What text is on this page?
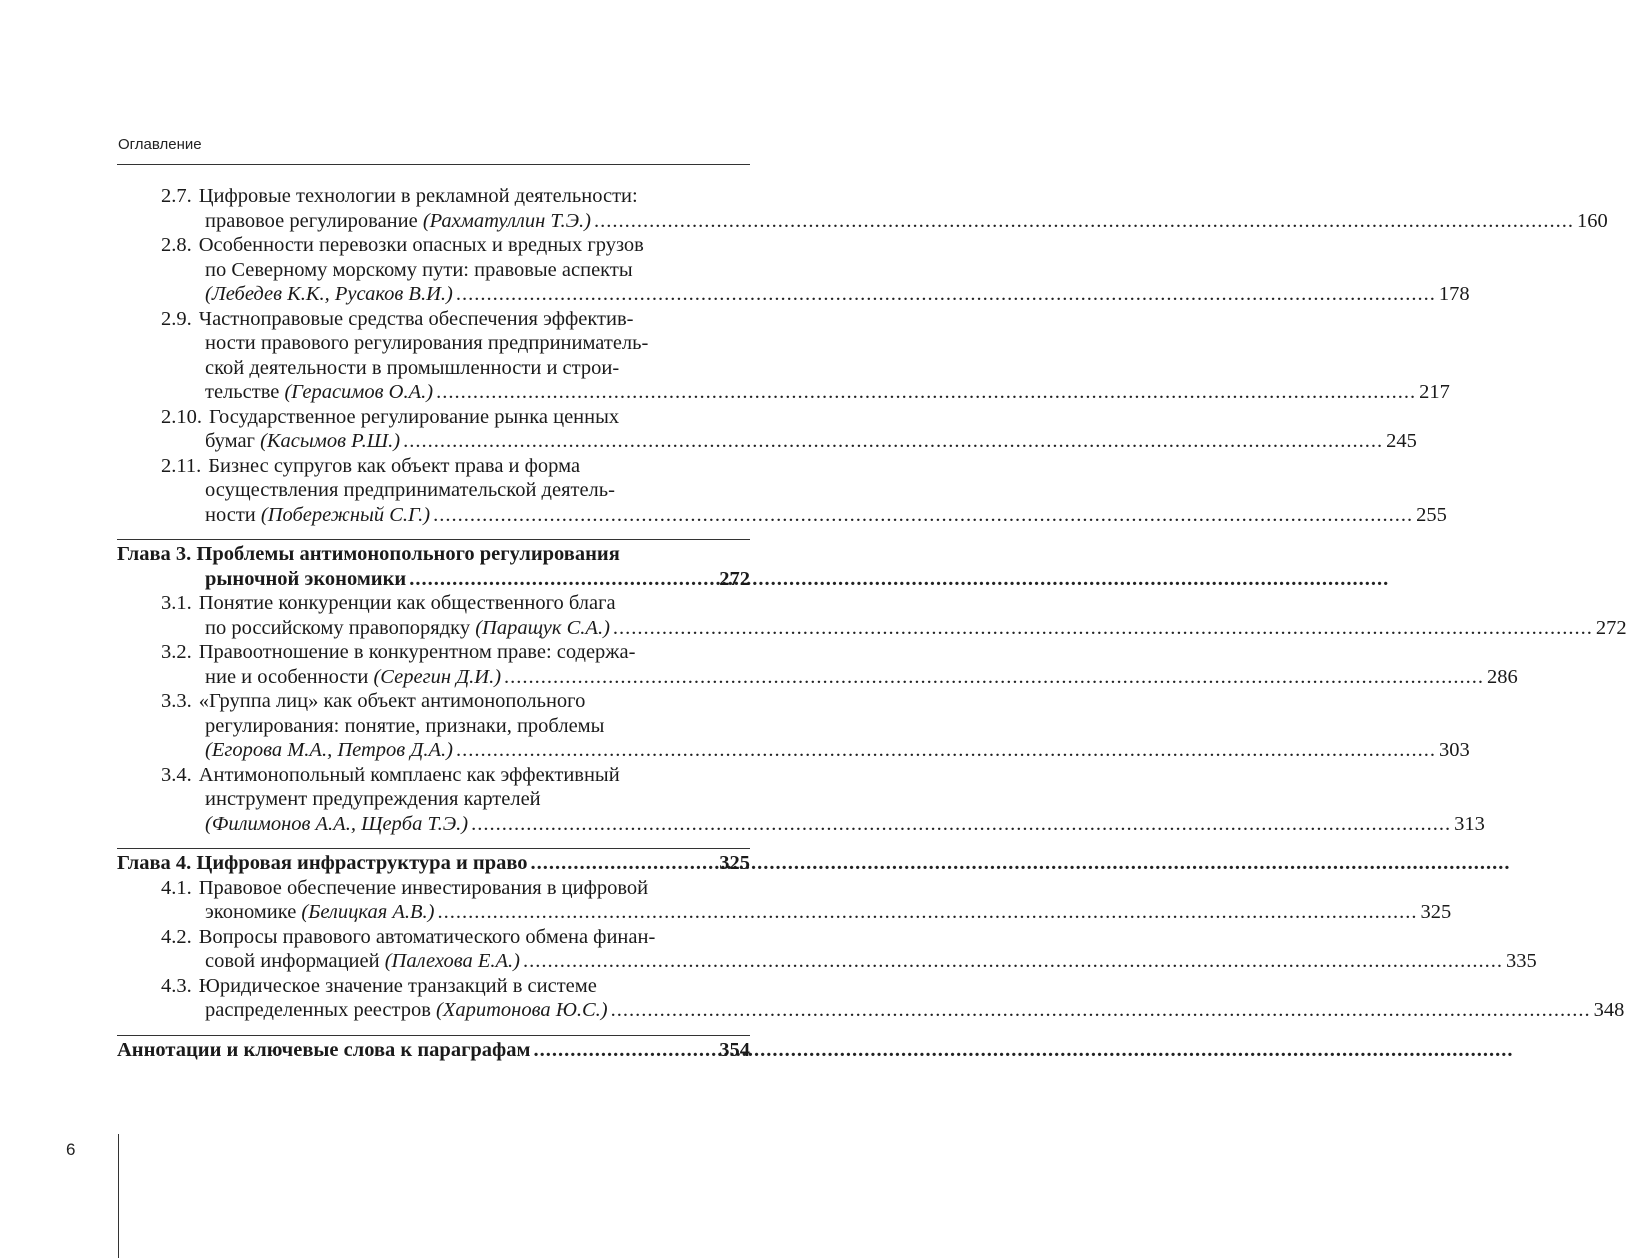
Оглавление
2.7. Цифровые технологии в рекламной деятельности:
правовое регулирование (Рахматуллин Т.Э.) .....	160
2.8. Особенности перевозки опасных и вредных грузов
по Северному морскому пути: правовые аспекты
(Лебедев К.К., Русаков В.И.) .....	178
2.9. Частноправовые средства обеспечения эффектив-
ности правового регулирования предприниматель-
ской деятельности в промышленности и строи-
тельстве (Герасимов О.А.) .....	217
2.10. Государственное регулирование рынка ценных
бумаг (Касымов Р.Ш.) .....	245
2.11. Бизнес супругов как объект права и форма
осуществления предпринимательской деятель-
ности (Побережный С.Г.) .....	255
Глава 3. Проблемы антимонопольного регулирования
рыночной экономики .....	272
3.1. Понятие конкуренции как общественного блага
по российскому правопорядку (Паращук С.А.) .....	272
3.2. Правоотношение в конкурентном праве: содержа-
ние и особенности (Серегин Д.И.) .....	286
3.3. «Группа лиц» как объект антимонопольного
регулирования: понятие, признаки, проблемы
(Егорова М.А., Петров Д.А.) .....	303
3.4. Антимонопольный комплаенс как эффективный
инструмент предупреждения картелей
(Филимонов А.А., Щерба Т.Э.) .....	313
Глава 4. Цифровая инфраструктура и право .....	325
4.1. Правовое обеспечение инвестирования в цифровой
экономике (Белицкая А.В.) .....	325
4.2. Вопросы правового автоматического обмена финан-
совой информацией (Палехова Е.А.) .....	335
4.3. Юридическое значение транзакций в системе
распределенных реестров (Харитонова Ю.С.) .....	348
Аннотации и ключевые слова к параграфам .....	354
6
